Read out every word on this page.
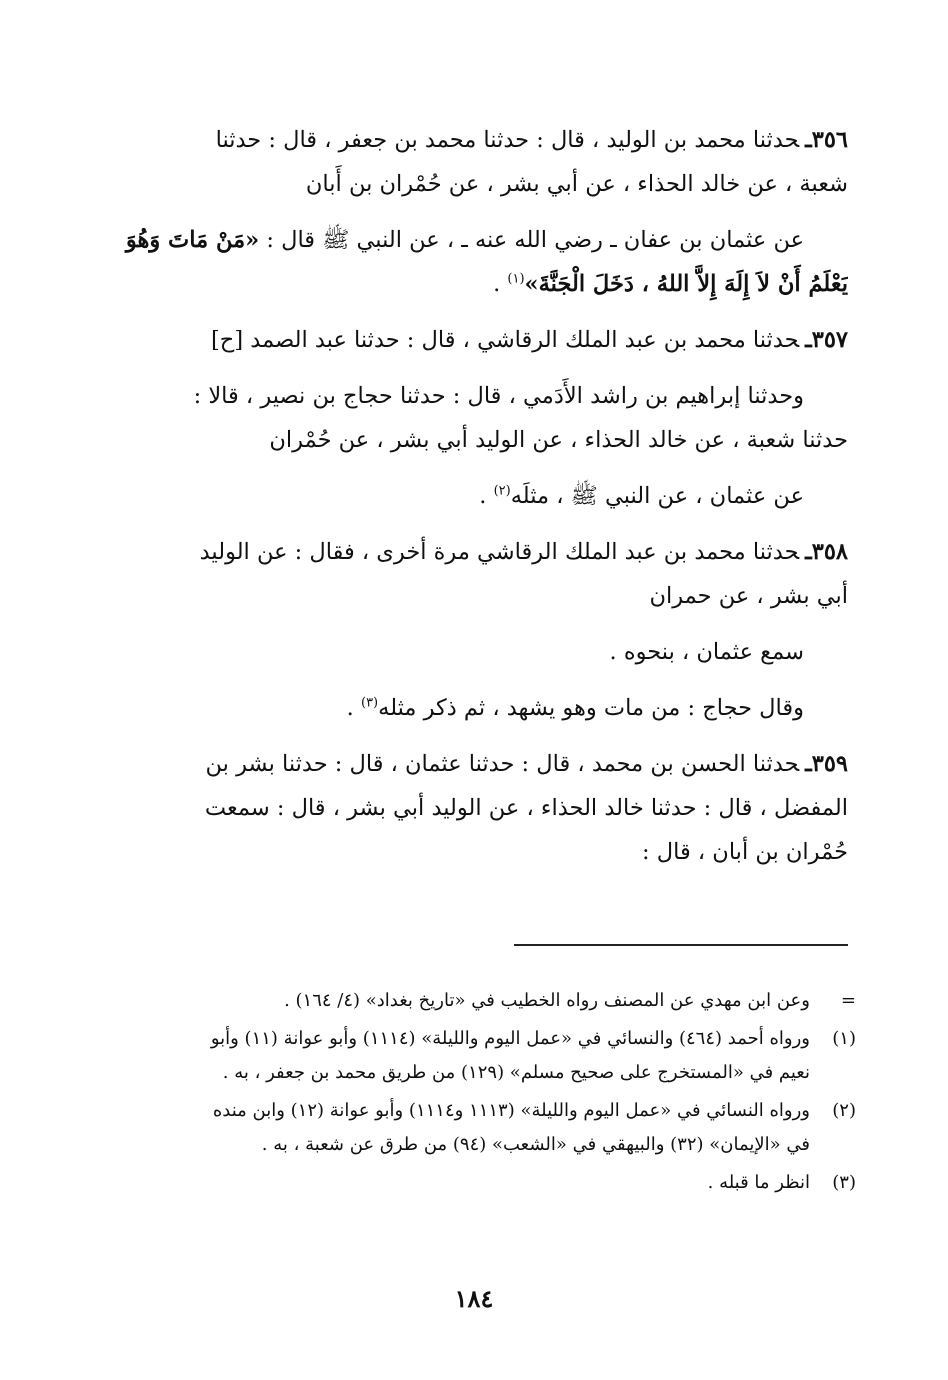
٣٥٦ـحدثنا محمد بن الوليد ، قال : حدثنا محمد بن جعفر ، قال : حدثنا
شعبة ، عن خالد الحذاء ، عن أبي بشر ، عن حُمْران بن أَبان
عن عثمان بن عفان ـ رضي الله عنه ـ ، عن النبي ﷺ قال : «مَنْ مَاتَ وَهُوَ
يَعْلَمُ أَنْ لاَ إِلَهَ إِلاَّ اللهُ ، دَخَلَ الْجَنَّةَ»$^{(١)}$ .
٣٥٧ـحدثنا محمد بن عبد الملك الرقاشي ، قال : حدثنا عبد الصمد [ح]
وحدثنا إبراهيم بن راشد الأَدَمي ، قال : حدثنا حجاج بن نصير ، قالا :
حدثنا شعبة ، عن خالد الحذاء ، عن الوليد أبي بشر ، عن حُمْران
عن عثمان ، عن النبي ﷺ ، مثلَه$^{(٢)}$ .
٣٥٨ـحدثنا محمد بن عبد الملك الرقاشي مرة أخرى ، فقال : عن الوليد
أبي بشر ، عن حمران
سمع عثمان ، بنحوه .
وقال حجاج : من مات وهو يشهد ، ثم ذكر مثله$^{(٣)}$ .
٣٥٩ـحدثنا الحسن بن محمد ، قال : حدثنا عثمان ، قال : حدثنا بشر بن
المفضل ، قال : حدثنا خالد الحذاء ، عن الوليد أبي بشر ، قال : سمعت
حُمْران بن أبان ، قال :
=
وعن ابن مهدي عن المصنف رواه الخطيب في «تاريخ بغداد» (٤/ ١٦٤) .
(١)
ورواه أحمد (٤٦٤) والنسائي في «عمل اليوم والليلة» (١١١٤) وأبو عوانة (١١) وأبو
نعيم في «المستخرج على صحيح مسلم» (١٢٩) من طريق محمد بن جعفر ، به .
(٢)
ورواه النسائي في «عمل اليوم والليلة» (١١١٣ و١١١٤) وأبو عوانة (١٢) وابن منده
في «الإيمان» (٣٢) والبيهقي في «الشعب» (٩٤) من طرق عن شعبة ، به .
(٣)
انظر ما قبله .
١٨٤
